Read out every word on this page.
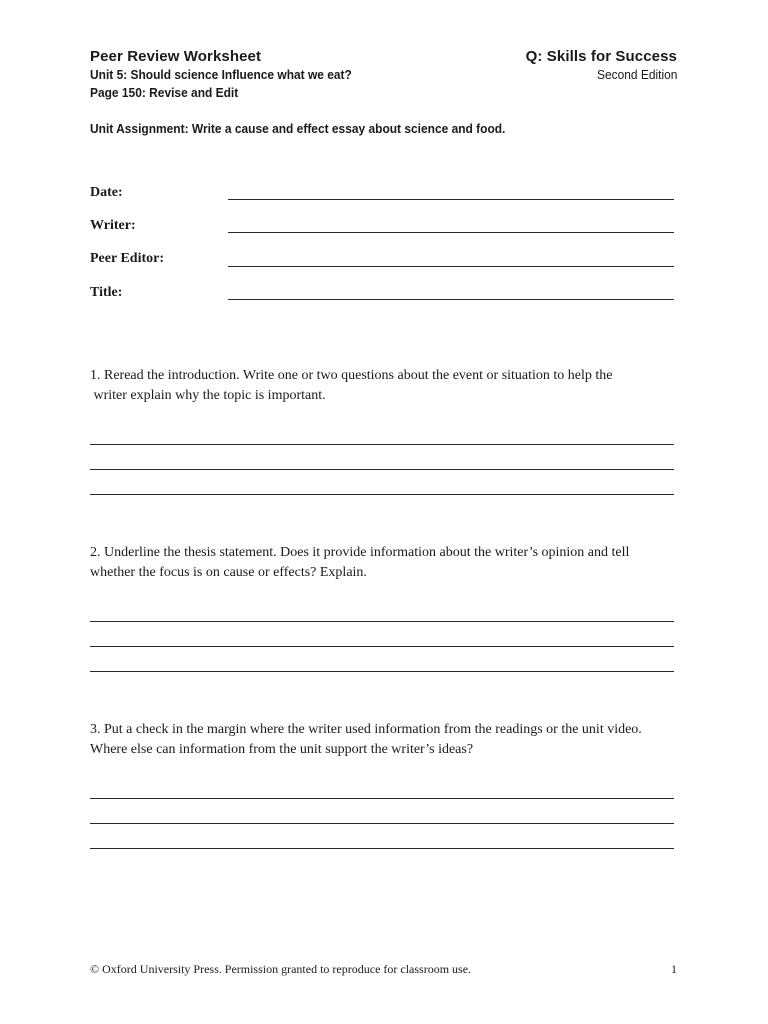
Peer Review Worksheet
Unit 5: Should science Influence what we eat?
Page 150: Revise and Edit
Q: Skills for Success
Second Edition
Unit Assignment: Write a cause and effect essay about science and food.
Date:
Writer:
Peer Editor:
Title:
1. Reread the introduction. Write one or two questions about the event or situation to help the
writer explain why the topic is important.
2. Underline the thesis statement. Does it provide information about the writer’s opinion and tell
whether the focus is on cause or effects? Explain.
3. Put a check in the margin where the writer used information from the readings or the unit video.
Where else can information from the unit support the writer’s ideas?
© Oxford University Press. Permission granted to reproduce for classroom use.	1
